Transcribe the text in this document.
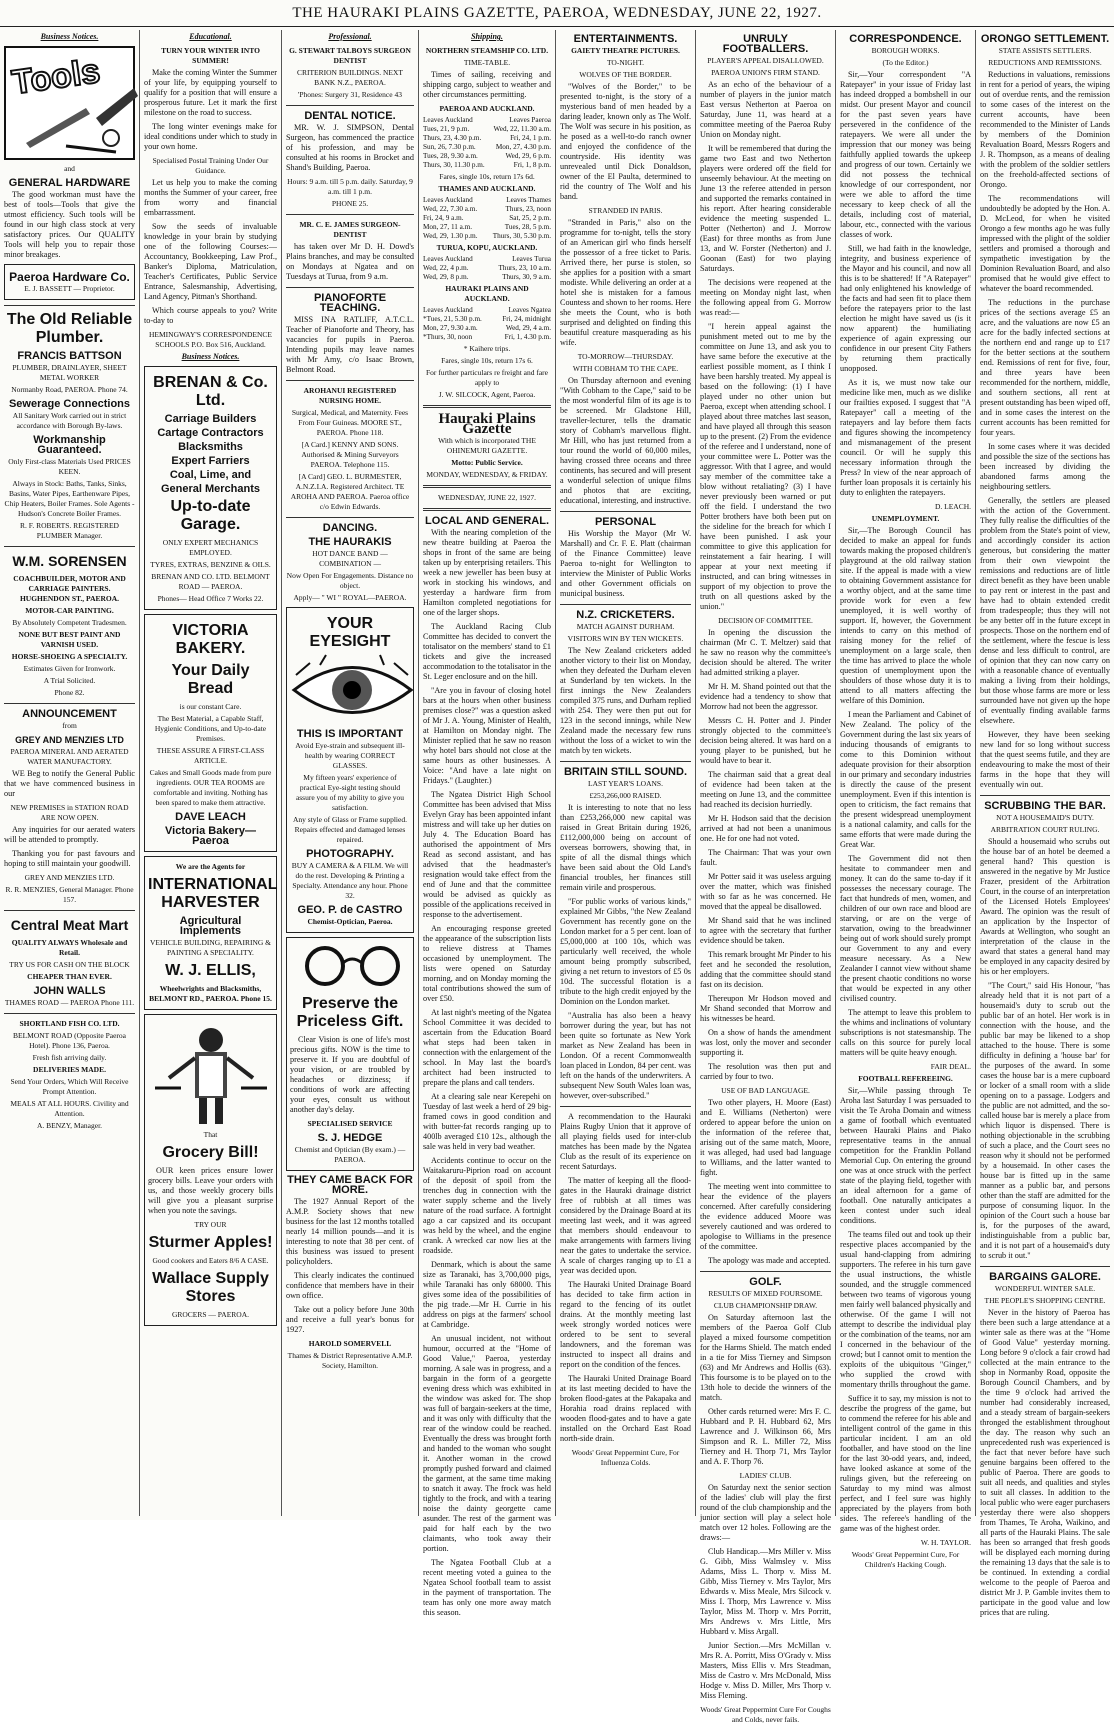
THE HAURAKI PLAINS GAZETTE, PAEROA, WEDNESDAY, JUNE 22, 1927.
Business Notices.
Tools
and
GENERAL HARDWARE

The good workman must have the best of tools—Tools that give the utmost efficiency. Such tools will be found in our high class stock at very satisfactory prices. Our QUALITY Tools will help you to repair those minor breakages.

Paeroa Hardware Co.
E. J. BASSETT — Proprietor.
The Old Reliable Plumber.
FRANCIS BATTSON
PLUMBER, DRAINLAYER, SHEET METAL WORKER
Normanby Road, PAEROA. Phone 74.
Sewerage Connections
All Sanitary Work carried out in strict accordance with Borough By-laws.
Workmanship Guaranteed.
Only First-class Materials Used PRICES KEEN.
Always in Stock: Baths, Tanks, Sinks, Basins, Water Pipes, Earthenware Pipes, Chip Heaters, Boiler Frames. Sole Agents - Hudson's Concrete Boiler Frames.
R. F. ROBERTS. REGISTERED PLUMBER Manager.
W.M. SORENSEN
COACHBUILDER, MOTOR AND CARRIAGE PAINTERS. HUGHENDON ST., PAEROA.
MOTOR-CAR PAINTING.
By Absolutely Competent Tradesmen.
NONE BUT BEST PAINT AND VARNISH USED.
HORSE-SHOEING A SPECIALTY.
Estimates Given for Ironwork.
A Trial Solicited.
Phone 82.
ANNOUNCEMENT
from
GREY AND MENZIES LTD
PAEROA MINERAL AND AERATED WATER MANUFACTORY.

WE Beg to notify the General Public that we have commenced business in our

NEW PREMISES in STATION ROAD ARE NOW OPEN.

Any inquiries for our aerated waters will be attended to promptly.

Thanking you for past favours and hoping to still maintain your goodwill.

GREY AND MENZIES LTD.
R. R. MENZIES, General Manager. Phone 157.
Central Meat Mart
QUALITY ALWAYS Wholesale and Retail.
TRY US FOR CASH ON THE BLOCK
CHEAPER THAN EVER.
JOHN WALLS
THAMES ROAD — PAEROA Phone 111.
SHORTLAND FISH CO. LTD.
BELMONT ROAD (Opposite Paeroa Hotel). Phone 136, Paeroa.
Fresh fish arriving daily.
DELIVERIES MADE.
Send Your Orders, Which Will Receive Prompt Attention.
MEALS AT ALL HOURS. Civility and Attention.
A. BENZY, Manager.
Educational.
TURN YOUR WINTER INTO SUMMER!

Make the coming Winter the Summer of your life, by equipping yourself to qualify for a position that will ensure a prosperous future. Let it mark the first milestone on the road to success.

The long winter evenings make for ideal conditions under which to study in your own home.

Specialised Postal Training Under Our Guidance.

Let us help you to make the coming months the Summer of your career, free from worry and financial embarrassment.

Sow the seeds of invaluable knowledge in your brain by studying one of the following Courses:— Accountancy, Bookkeeping, Law Prof., Banker's Diploma, Matriculation, Teacher's Certificates, Public Service Entrance, Salesmanship, Advertising, Land Agency, Pitman's Shorthand.

Which course appeals to you? Write to-day to

HEMINGWAY'S CORRESPONDENCE SCHOOLS P.O. Box 516, Auckland.
Business Notices.
BRENAN & Co. Ltd.
Carriage Builders
Cartage Contractors
Blacksmiths
Expert Farriers
Coal, Lime, and
General Merchants
Up-to-date Garage.
ONLY EXPERT MECHANICS EMPLOYED.
TYRES, EXTRAS, BENZINE & OILS.
BRENAN AND CO. LTD. BELMONT ROAD — PAEROA.
Phones— Head Office 7 Works 22.
VICTORIA BAKERY.
Your Daily Bread
is our constant Care.
The Best Material, a Capable Staff, Hygienic Conditions, and Up-to-date Premises.
THESE ASSURE A FIRST-CLASS ARTICLE.
Cakes and Small Goods made from pure ingredients. OUR TEA ROOMS are comfortable and inviting. Nothing has been spared to make them attractive.
DAVE LEACH
Victoria Bakery—Paeroa
We are the Agents for
INTERNATIONAL HARVESTER
Agricultural Implements
VEHICLE BUILDING, REPAIRING & PAINTING A SPECIALITY.
W. J. ELLIS,
Wheelwrights and Blacksmiths, BELMONT RD., PAEROA. Phone 15.
That
Grocery Bill!

OUR keen prices ensure lower grocery bills. Leave your orders with us, and those weekly grocery bills will give you a pleasant surprise when you note the savings.

TRY OUR
Sturmer Apples!
Good cookers and Eaters 8/6 A CASE.
Wallace Supply Stores
GROCERS — PAEROA.
Professional.
G. STEWART TALBOYS SURGEON DENTIST
CRITERION BUILDINGS. NEXT BANK N.Z., PAEROA.
'Phones: Surgery 31, Residence 43
DENTAL NOTICE.

MR. W. J. SIMPSON, Dental Surgeon, has commenced the practice of his profession, and may be consulted at his rooms in Brocket and Shand's Building, Paeroa.

Hours: 9 a.m. till 5 p.m. daily. Saturday, 9 a.m. till 1 p.m.
PHONE 25.
MR. C. E. JAMES SURGEON-DENTIST

has taken over Mr D. H. Dowd's Plains branches, and may be consulted on Mondays at Ngatea and on Tuesdays at Turua, from 9 a.m.

PIANOFORTE TEACHING.

MISS INA RATLIFF, A.T.C.L. Teacher of Pianoforte and Theory, has vacancies for pupils in Paeroa. Intending pupils may leave names with Mr Amy, c/o Isaac Brown, Belmont Road.

AROHANUI REGISTERED NURSING HOME.
Surgical, Medical, and Maternity. Fees From Four Guineas. MOORE ST., PAEROA. Phone 118.
[A Card.] KENNY AND SONS. Authorised & Mining Surveyors PAEROA. Telephone 115.
[A Card] GEO. L. BURMESTER, A.N.Z.I.A. Registered Architect. TE AROHA AND PAEROA. Paeroa office c/o Edwin Edwards.
DANCING.
THE HAURAKIS
HOT DANCE BAND — COMBINATION —
Now Open For Engagements. Distance no object.
Apply— " WI " ROYAL—PAEROA.
YOUR EYESIGHT
THIS IS IMPORTANT
Avoid Eye-strain and subsequent ill-health by wearing CORRECT GLASSES.
My fifteen years' experience of practical Eye-sight testing should assure you of my ability to give you satisfaction.
Any style of Glass or Frame supplied. Repairs effected and damaged lenses repaired.
PHOTOGRAPHY.
BUY A CAMERA & A FILM. We will do the rest. Developing & Printing a Specialty. Attendance any hour. Phone 32.
GEO. P. de CASTRO
Chemist-Optician, Paeroa.
Preserve the Priceless Gift.

Clear Vision is one of life's most precious gifts. NOW is the time to preserve it. If you are doubtful of your vision, or are troubled by headaches or dizziness; if conditions of work are affecting your eyes, consult us without another day's delay.

SPECIALISED SERVICE
S. J. HEDGE
Chemist and Optician (By exam.) — PAEROA.
THEY CAME BACK FOR MORE.

The 1927 Annual Report of the A.M.P. Society shows that new business for the last 12 months totalled nearly 14 million pounds—and it is interesting to note that 38 per cent. of this business was issued to present policyholders.

This clearly indicates the continued confidence that members have in their own office.

Take out a policy before June 30th and receive a full year's bonus for 1927.

HAROLD SOMERVELL
Thames & District Representative A.M.P. Society, Hamilton.
Shipping.
NORTHERN STEAMSHIP CO. LTD.
TIME-TABLE.

Times of sailing, receiving and shipping cargo, subject to weather and other circumstances permitting.

PAEROA AND AUCKLAND.
Leaves Auckland	Leaves Paeroa
Tues, 21, 9 p.m.	Wed, 22, 11.30 a.m.
Thurs, 23, 4.30 p.m.	Fri, 24, 1 p.m.
Sun, 26, 7.30 p.m.	Mon, 27, 4.30 p.m.
Tues, 28, 9.30 a.m.	Wed, 29, 6 p.m.
Thurs, 30, 11.30 p.m.	Fri, 1, 8 p.m.
Fares, single 10s, return 17s 6d.
THAMES AND AUCKLAND.
Leaves Auckland	Leaves Thames
Wed, 22, 7.30 a.m.	Thurs, 23, noon
Fri, 24, 9 a.m.	Sat, 25, 2 p.m.
Mon, 27, 11 a.m.	Tues, 28, 5 p.m.
Wed, 29, 1.30 p.m. Thurs, 30, 5.30 p.m.
TURUA, KOPU, AUCKLAND.
Leaves Auckland	Leaves Turua
Wed, 22, 4 p.m.	Thurs, 23, 10 a.m.
Wed, 29, 8 p.m.	Thurs, 30, 9 a.m.
HAURAKI PLAINS AND AUCKLAND.
Leaves Auckland	Leaves Ngatea
*Tues, 21, 5.30 p.m.	Fri, 24, midnight
Mon, 27, 9.30 a.m.	Wed, 29, 4 a.m.
*Thurs, 30, noon	Fri, 1, 4.30 p.m.
* Kaihere trips.
Fares, single 10s, return 17s 6.
For further particulars re freight and fare apply to
J. W. SILCOCK, Agent, Paeroa.
Hauraki Plains Gazette
With which is incorporated THE OHINEMURI GAZETTE.
Motto: Public Service.
MONDAY, WEDNESDAY, & FRIDAY.
WEDNESDAY, JUNE 22, 1927.
LOCAL AND GENERAL.

With the nearing completion of the new theatre building at Paeroa the shops in front of the same are being taken up by enterprising retailers. This week a new jeweller has been busy at work in stocking his windows, and yesterday a hardware firm from Hamilton completed negotiations for one of the larger shops.

The Auckland Racing Club Committee has decided to convert the totalisator on the members' stand to £1 tickets and give the increased accommodation to the totalisator in the St. Leger enclosure and on the hill.

"Are you in favour of closing hotel bars at the hours when other business premises close?" was a question asked of Mr J. A. Young, Minister of Health, at Hamilton on Monday night. The Minister replied that he saw no reason why hotel bars should not close at the same hours as other businesses. A Voice: "And have a late night on Fridays." (Laughter.)

The Ngatea District High School Committee has been advised that Miss Evelyn Gray has been appointed infant mistress and will take up her duties on July 4. The Education Board has authorised the appointment of Mrs Read as second assistant, and has advised that the headmaster's resignation would take effect from the end of June and that the committee would be advised as quickly as possible of the applications received in response to the advertisement.

An encouraging response greeted the appearance of the subscription lists to relieve distress at Thames occasioned by unemployment. The lists were opened on Saturday morning, and on Monday morning the total contributions showed the sum of over £50.

At last night's meeting of the Ngatea School Committee it was decided to ascertain from the Education Board what steps had been taken in connection with the enlargement of the school. In May last the board's architect had been instructed to prepare the plans and call tenders.

At a clearing sale near Kerepehi on Tuesday of last week a herd of 29 big-framed cows in good condition and with butter-fat records ranging up to 400lb averaged £10 12s., although the sale was held in very bad weather.

Accidents continue to occur on the Waitakaruru-Piprion road on account of the deposit of spoil from the trenches dug in connection with the water supply scheme and the lively nature of the road surface. A fortnight ago a car capsized and its occupant was held by the wheel, and the engine crank. A wrecked car now lies at the roadside.

Denmark, which is about the same size as Taranaki, has 3,700,000 pigs, while Taranaki has only 68000. This gives some idea of the possibilities of the pig trade.—Mr H. Currie in his address on pigs at the farmers' school at Cambridge.

An unusual incident, not without humour, occurred at the "Home of Good Value," Paeroa, yesterday morning. A sale was in progress, and a bargain in the form of a georgette evening dress which was exhibited in the window was asked for. The shop was full of bargain-seekers at the time, and it was only with difficulty that the rear of the window could be reached. Eventually the dress was brought forth and handed to the woman who sought it. Another woman in the crowd promptly pushed forward and claimed the garment, at the same time making to snatch it away. The frock was held tightly to the frock, and with a tearing noise the dainty georgette came asunder. The rest of the garment was paid for half each by the two claimants, who took away their portion.

The Ngatea Football Club at a recent meeting voted a guinea to the Ngatea School football team to assist in the payment of transportation. The team has only one more away match this season.

ENTERTAINMENTS.
GAIETY THEATRE PICTURES.
TO-NIGHT.
WOLVES OF THE BORDER.

"Wolves of the Border," to be presented to-night, is the story of a mysterious band of men headed by a daring leader, known only as The Wolf. The Wolf was secure in his position, as he posed as a well-to-do ranch owner and enjoyed the confidence of the countryside. His identity was unrevealed until Dick Donaldson, owner of the El Paulta, determined to rid the country of The Wolf and his band.

STRANDED IN PARIS.

"Stranded in Paris," also on the programme for to-night, tells the story of an American girl who finds herself the possessor of a free ticket to Paris. Arrived there, her purse is stolen, so she applies for a position with a smart modiste. While delivering an order at a hotel she is mistaken for a famous Countess and shown to her rooms. Here she meets the Count, who is both surprised and delighted on finding this beautiful creature masquerading as his wife.

TO-MORROW—THURSDAY.
WITH COBHAM TO THE CAPE.

On Thursday afternoon and evening "With Cobham to the Cape," said to be the most wonderful film of its age is to be screened. Mr Gladstone Hill, traveller-lecturer, tells the dramatic story of Cobham's marvellous flight. Mr Hill, who has just returned from a tour round the world of 60,000 miles, having crossed three oceans and three continents, has secured and will present a wonderful selection of unique films and photos that are exciting, educational, interesting, and instructive.

PERSONAL

His Worship the Mayor (Mr W. Marshall) and Cr. F. E. Platt (chairman of the Finance Committee) leave Paeroa to-night for Wellington to interview the Minister of Public Works and other Government officials on municipal business.

N.Z. CRICKETERS.
MATCH AGAINST DURHAM.
VISITORS WIN BY TEN WICKETS.

The New Zealand cricketers added another victory to their list on Monday, when they defeated the Durham eleven at Sunderland by ten wickets. In the first innings the New Zealanders compiled 375 runs, and Durham replied with 254. They were then put out for 123 in the second innings, while New Zealand made the necessary few runs without the loss of a wicket to win the match by ten wickets.

BRITAIN STILL SOUND.
LAST YEAR'S LOANS.
£253,266,000 RAISED.

It is interesting to note that no less than £253,266,000 new capital was raised in Great Britain during 1926, £112,000,000 being on account of overseas borrowers, showing that, in spite of all the dismal things which have been said about the Old Land's financial troubles, her finances still remain virile and prosperous.

"For public works of various kinds," explained Mr Gibbs, "the New Zealand Government has recently gone on the London market for a 5 per cent. loan of £5,000,000 at 100 10s, which was particularly well received, the whole amount being promptly subscribed, giving a net return to investors of £5 0s 10d. The successful flotation is a tribute to the high credit enjoyed by the Dominion on the London market.

"Australia has also been a heavy borrower during the year, but has not been quite so fortunate as New York market as New Zealand has been in London. Of a recent Commonwealth loan placed in London, 84 per cent. was left on the hands of the underwriters. A subsequent New South Wales loan was, however, over-subscribed."

A recommendation to the Hauraki Plains Rugby Union that it approve of all playing fields used for inter-club matches has been made by the Ngatea Club as the result of its experience on recent Saturdays.

The matter of keeping all the flood-gates in the Hauraki drainage district free of rubbish at all times was considered by the Drainage Board at its meeting last week, and it was agreed that members should endeavour to make arrangements with farmers living near the gates to undertake the service. A scale of charges ranging up to £1 a year was decided upon.

The Hauraki United Drainage Board has decided to take firm action in regard to the fencing of its outlet drains. At the monthly meeting last week strongly worded notices were ordered to be sent to several landowners, and the foreman was instructed to inspect all drains and report on the condition of the fences.

The Hauraki United Drainage Board at its last meeting decided to have the broken flood-gates at the Pakapaka and Horahia road drains replaced with wooden flood-gates and to have a gate installed on the Orchard East Road north-side drain.

Woods' Great Peppermint Cure, For Influenza Colds.
UNRULY FOOTBALLERS.
PLAYER'S APPEAL DISALLOWED.
PAEROA UNION'S FIRM STAND.

As an echo of the behaviour of a number of players in the junior match East versus Netherton at Paeroa on Saturday, June 11, was heard at a committee meeting of the Paeroa Ruby Union on Monday night.

It will be remembered that during the game two East and two Netherton players were ordered off the field for unseemly behaviour. At the meeting on June 13 the referee attended in person and supported the remarks contained in his report. After hearing considerable evidence the meeting suspended L. Potter (Netherton) and J. Morrow (East) for three months as from June 13, and W. Forster (Netherton) and J. Goonan (East) for two playing Saturdays.

The decisions were reopened at the meeting on Monday night last, when the following appeal from G. Morrow was read:—

"I herein appeal against the punishment meted out to me by the committee on June 13, and ask you to have same before the executive at the earliest possible moment, as I think I have been harshly treated. My appeal is based on the following: (1) I have played under no other union but Paeroa, except when attending school. I played about three matches last season, and have played all through this season up to the present. (2) From the evidence of the referee and I understand, none of your committee were L. Potter was the aggressor. With that I agree, and would say member of the committee take a blow without retaliating? (3) I have never previously been warned or put off the field. I understand the two Potter brothers have both been put on the sideline for the breach for which I have been punished. I ask your committee to give this application for reinstatement a fair hearing. I will appear at your next meeting if instructed, and can bring witnesses in support of my objection to prove the truth on all questions asked by the union."

DECISION OF COMMITTEE.

In opening the discussion the chairman (Mr C. T. Meltzer) said that he saw no reason why the committee's decision should be altered. The writer had admitted striking a player.

Mr H. M. Shand pointed out that the evidence had a tendency to show that Morrow had not been the aggressor.

Messrs C. H. Potter and J. Pinder strongly objected to the committee's decision being altered. It was hard on a young player to be punished, but he would have to bear it.

The chairman said that a great deal of evidence had been taken at the meeting on June 13, and the committee had reached its decision hurriedly.

Mr H. Hodson said that the decision arrived at had not been a unanimous one. He for one had not voted.

The Chairman: That was your own fault.

Mr Potter said it was useless arguing over the matter, which was finished with so far as he was concerned. He moved that the appeal be disallowed.

Mr Shand said that he was inclined to agree with the secretary that further evidence should be taken.

This remark brought Mr Pinder to his feet and he seconded the resolution, adding that the committee should stand fast on its decision.

Thereupon Mr Hodson moved and Mr Shand seconded that Morrow and his witnesses be heard.

On a show of hands the amendment was lost, only the mover and seconder supporting it.

The resolution was then put and carried by four to two.

USE OF BAD LANGUAGE.

Two other players, H. Moore (East) and E. Williams (Netherton) were ordered to appear before the union on the information of the referee that, arising out of the same match, Moore, it was alleged, had used bad language to Williams, and the latter wanted to fight.

The meeting went into committee to hear the evidence of the players concerned. After carefully considering the evidence adduced Moore was severely cautioned and was ordered to apologise to Williams in the presence of the committee.

The apology was made and accepted.

GOLF.
RESULTS OF MIXED FOURSOME.
CLUB CHAMPIONSHIP DRAW.

On Saturday afternoon last the members of the Paeroa Golf Club played a mixed foursome competition for the Harms Shield. The match ended in a tie for Miss Tierney and Simpson (63) and Mr Andrews and Hollis (63). This foursome is to be played on to the 13th hole to decide the winners of the match.

Other cards returned were: Mrs F. C. Hubbard and P. H. Hubbard 62, Mrs Lawrence and J. Wilkinson 66, Mrs Simpson and R. L. Miller 72, Miss Tierney and H. Thorp 71, Mrs Taylor and A. F. Thorp 76.

LADIES' CLUB.

On Saturday next the senior section of the ladies' club will play the first round of the club championship and the junior section will play a select hole match over 12 holes. Following are the draws:—

Club Handicap.—Mrs Miller v. Miss G. Gibb, Miss Walmsley v. Miss Adams, Miss L. Thorp v. Miss M. Gibb, Miss Tierney v. Mrs Taylor, Mrs Edwards v. Miss Meale, Mrs Silcock v. Miss I. Thorp, Mrs Lawrence v. Miss Taylor, Miss M. Thorp v. Mrs Porritt, Mrs Andrews v. Mrs Little, Mrs Hubbard v. Miss Argall.

Junior Section.—Mrs McMillan v. Mrs R. A. Porritt, Miss O'Grady v. Miss Masters, Miss Ellis v. Mrs Steadman, Miss de Castro v. Mrs McDonald, Miss Hodge v. Miss D. Miller, Mrs Thorp v. Miss Fleming.

Woods' Great Peppermint Cure For Coughs and Colds, never fails.
CORRESPONDENCE.
BOROUGH WORKS.
(To the Editor.)

Sir,—Your correspondent "A Ratepayer" in your issue of Friday last has indeed dropped a bombshell in our midst. Our present Mayor and council for the past seven years have persevered in the confidence of the ratepayers. We were all under the impression that our money was being faithfully applied towards the upkeep and progress of our town. Certainly we did not possess the technical knowledge of our correspondent, nor were we able to afford the time necessary to keep check of all the details, including cost of material, labour, etc., connected with the various classes of work.

Still, we had faith in the knowledge, integrity, and business experience of the Mayor and his council, and now all this is to be shattered! If "A Ratepayer" had only enlightened his knowledge of the facts and had seen fit to place them before the ratepayers prior to the last election he might have saved us (is it now apparent) the humiliating experience of again expressing our confidence in our present City Fathers by returning them practically unopposed.

As it is, we must now take our medicine like men, much as we dislike our frailties exposed. I suggest that "A Ratepayer" call a meeting of the ratepayers and lay before them facts and figures showing the incompetency and mismanagement of the present council. Or will he supply this necessary information through the Press? In view of the near approach of further loan proposals it is certainly his duty to enlighten the ratepayers.

D. LEACH.
UNEMPLOYMENT.

Sir,—The Borough Council has decided to make an appeal for funds towards making the proposed children's playground at the old railway station site. If the appeal is made with a view to obtaining Government assistance for a worthy object, and at the same time provide work for even a few unemployed, it is well worthy of support. If, however, the Government intends to carry on this method of raising money for the relief of unemployment on a large scale, then the time has arrived to place the whole question of unemployment upon the shoulders of those whose duty it is to attend to all matters affecting the welfare of this Dominion.

I mean the Parliament and Cabinet of New Zealand. The policy of the Government during the last six years of inducing thousands of emigrants to come to this Dominion without adequate provision for their absorption in our primary and secondary industries is directly the cause of the present unemployment. Even if this intention is open to criticism, the fact remains that the present widespread unemployment is a national calamity, and calls for the same efforts that were made during the Great War.

The Government did not then hesitate to commandeer men and money. It can do the same to-day if it possesses the necessary courage. The fact that hundreds of men, women, and children of our own race and blood are starving, or are on the verge of starvation, owing to the breadwinner being out of work should surely prompt our Government to any and every measure necessary. As a New Zealander I cannot view without shame the present chaotic conditions no worse that would be expected in any other civilised country.

The attempt to leave this problem to the whims and inclinations of voluntary subscriptions is not statesmanship. The calls on this source for purely local matters will be quite heavy enough.

FAIR DEAL.
FOOTBALL REFEREEING.

Sir,—While passing through Te Aroha last Saturday I was persuaded to visit the Te Aroha Domain and witness a game of football which eventuated between Hauraki Plains and Piako representative teams in the annual competition for the Franklin Polland Memorial Cup. On entering the ground one was at once struck with the perfect state of the playing field, together with an ideal afternoon for a game of football. One naturally anticipates a keen contest under such ideal conditions.

The teams filed out and took up their respective places accompanied by the usual hand-clapping from admiring supporters. The referee in his turn gave the usual instructions, the whistle sounded, and the struggle commenced between two teams of vigorous young men fairly well balanced physically and otherwise. Of the game I will not attempt to describe the individual play or the combination of the teams, nor am I concerned in the behaviour of the crowd; but I cannot omit to mention the exploits of the ubiquitous "Ginger," who supplied the crowd with momentary thrills throughout the game.

Suffice it to say, my mission is not to describe the progress of the game, but to commend the referee for his able and intelligent control of the game in this particular incident. I am an old footballer, and have stood on the line for the last 30-odd years, and, indeed, have looked askance at some of the rulings given, but the refereeing on Saturday to my mind was almost perfect, and I feel sure was highly appreciated by the players from both sides. The referee's handling of the game was of the highest order.

W. H. TAYLOR.
Woods' Great Peppermint Cure, For Children's Hacking Cough.
ORONGO SETTLEMENT.
STATE ASSISTS SETTLERS.
REDUCTIONS AND REMISSIONS.

Reductions in valuations, remissions in rent for a period of years, the wiping out of overdue rents, and the remission to some cases of the interest on the current accounts, have been recommended to the Minister of Lands by members of the Dominion Revaluation Board, Messrs Rogers and J. R. Thompson, as a means of dealing with the problem of the soldier settlers on the freehold-affected sections of Orongo.

The recommendations will undoubtedly be adopted by the Hon. A. D. McLeod, for when he visited Orongo a few months ago he was fully impressed with the plight of the soldier settlers and promised a thorough and sympathetic investigation by the Dominion Revaluation Board, and also promised that he would give effect to whatever the board recommended.

The reductions in the purchase prices of the sections average £5 an acre, and the valuations are now £5 an acre for the badly infected sections at the northern end and range up to £17 for the better sections at the southern end. Remissions of rent for five, four, and three years have been recommended for the northern, middle, and southern sections, all rent at present outstanding has been wiped off, and in some cases the interest on the current accounts has been remitted for four years.

In some cases where it was decided and possible the size of the sections has been increased by dividing the abandoned farms among the neighbouring settlers.

Generally, the settlers are pleased with the action of the Government. They fully realise the difficulties of the problem from the State's point of view, and accordingly consider its action generous, but considering the matter from their own viewpoint the remissions and reductions are of little direct benefit as they have been unable to pay rent or interest in the past and have had to obtain extended credit from tradespeople; thus they will not be any better off in the future except in prospects. Those on the northern end of the settlement, where the fescue is less dense and less difficult to control, are of opinion that they can now carry on with a reasonable chance of eventually making a living from their holdings, but those whose farms are more or less surrounded have not given up the hope of eventually finding available farms elsewhere.

However, they have been seeking new land for so long without success that the quest seems futile, and they are endeavouring to make the most of their farms in the hope that they will eventually win out.

SCRUBBING THE BAR.
NOT A HOUSEMAID'S DUTY.
ARBITRATION COURT RULING.

Should a housemaid who scrubs out the house bar of an hotel be deemed a general hand? This question is answered in the negative by Mr Justice Frazer, president of the Arbitration Court, in the course of an interpretation of the Licensed Hotels Employees' Award. The opinion was the result of an application by the Inspector of Awards at Wellington, who sought an interpretation of the clause in the award that states a general hand may be employed in any capacity desired by his or her employers.

"The Court," said His Honour, "has already held that it is not part of a housemaid's duty to scrub out the public bar of an hotel. Her work is in connection with the house, and the public bar may be likened to a shop attached to the house. There is some difficulty in defining a 'house bar' for the purposes of the award. In some cases the house bar is a mere cupboard or locker of a small room with a slide opening on to a passage. Lodgers and the public are not admitted, and the so-called house bar is merely a place from which liquor is dispensed. There is nothing objectionable in the scrubbing of such a place, and the Court sees no reason why it should not be performed by a housemaid. In other cases the house bar is fitted up in the same manner as a public bar, and persons other than the staff are admitted for the purpose of consuming liquor. In the opinion of the Court such a house bar is, for the purposes of the award, indistinguishable from a public bar, and it is not part of a housemaid's duty to scrub it out."

BARGAINS GALORE.
WONDERFUL WINTER SALE.
THE PEOPLE'S SHOPPING CENTRE.

Never in the history of Paeroa has there been such a large attendance at a winter sale as there was at the "Home of Good Value" yesterday morning. Long before 9 o'clock a fair crowd had collected at the main entrance to the shop in Normanby Road, opposite the Borough Council Chambers, and by the time 9 o'clock had arrived the number had considerably increased, and a steady stream of bargain-seekers thronged the establishment throughout the day. The reason why such an unprecedented rush was experienced is the fact that never before have such genuine bargains been offered to the public of Paeroa. There are goods to suit all needs, and qualities and styles to suit all classes. In addition to the local public who were eager purchasers yesterday there were also shoppers from Thames, Te Aroha, Waikino, and all parts of the Hauraki Plains. The sale has been so arranged that fresh goods will be displayed each morning during the remaining 13 days that the sale is to be continued. In extending a cordial welcome to the people of Paeroa and district Mr J. P. Gamble invites them to participate in the good value and low prices that are ruling.
